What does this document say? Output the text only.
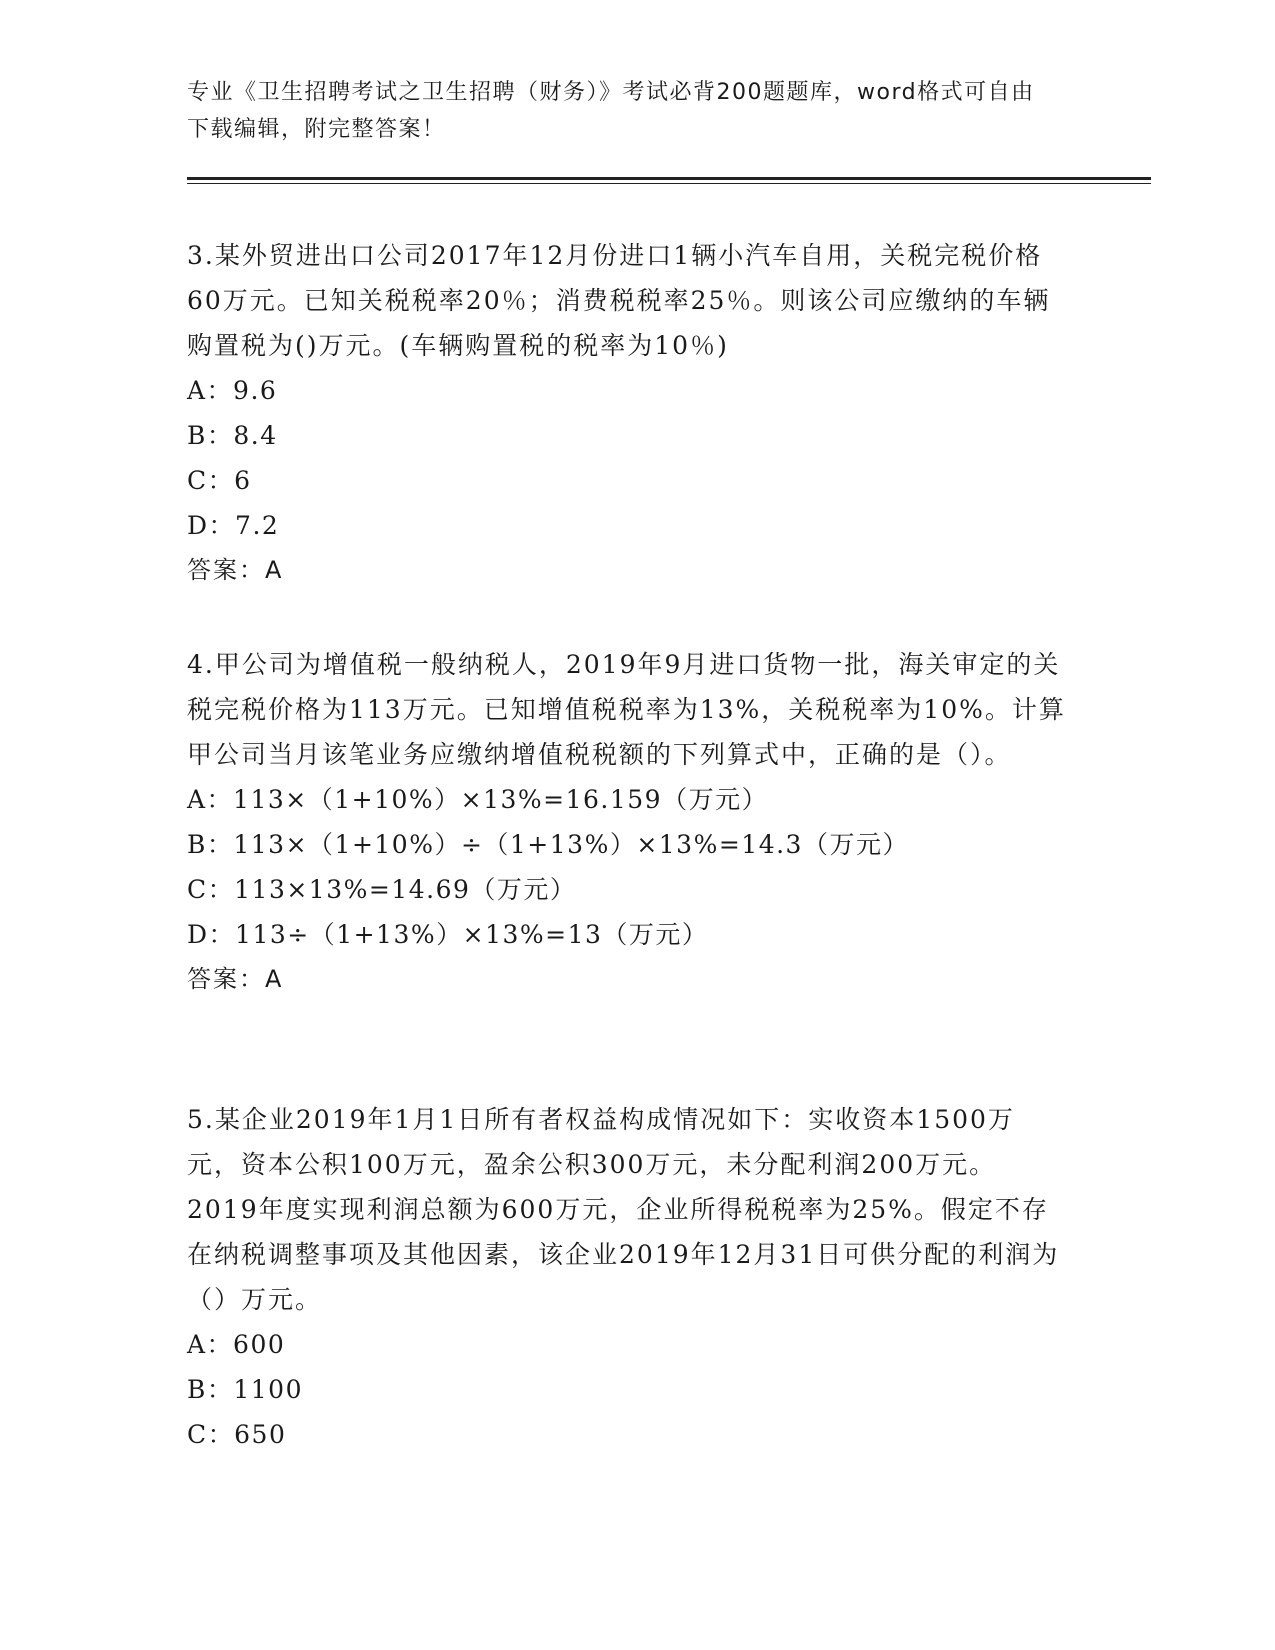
专业《卫生招聘考试之卫生招聘（财务）》考试必背200题题库，word格式可自由下载编辑，附完整答案！

3.某外贸进出口公司2017年12月份进口1辆小汽车自用，关税完税价格60万元。已知关税税率20％；消费税税率25％。则该公司应缴纳的车辆购置税为()万元。(车辆购置税的税率为10％)

A：9.6

B：8.4

C：6

D：7.2

答案：A

4.甲公司为增值税一般纳税人，2019年9月进口货物一批，海关审定的关税完税价格为113万元。已知增值税税率为13%，关税税率为10%。计算甲公司当月该笔业务应缴纳增值税税额的下列算式中，正确的是（）。

A：113×（1+10%）×13%=16.159（万元）

B：113×（1+10%）÷（1+13%）×13%=14.3（万元）

C：113×13%=14.69（万元）

D：113÷（1+13%）×13%=13（万元）

答案：A

5.某企业2019年1月1日所有者权益构成情况如下：实收资本1500万元，资本公积100万元，盈余公积300万元，未分配利润200万元。2019年度实现利润总额为600万元，企业所得税税率为25%。假定不存在纳税调整事项及其他因素，该企业2019年12月31日可供分配的利润为（）万元。

A：600

B：1100

C：650
